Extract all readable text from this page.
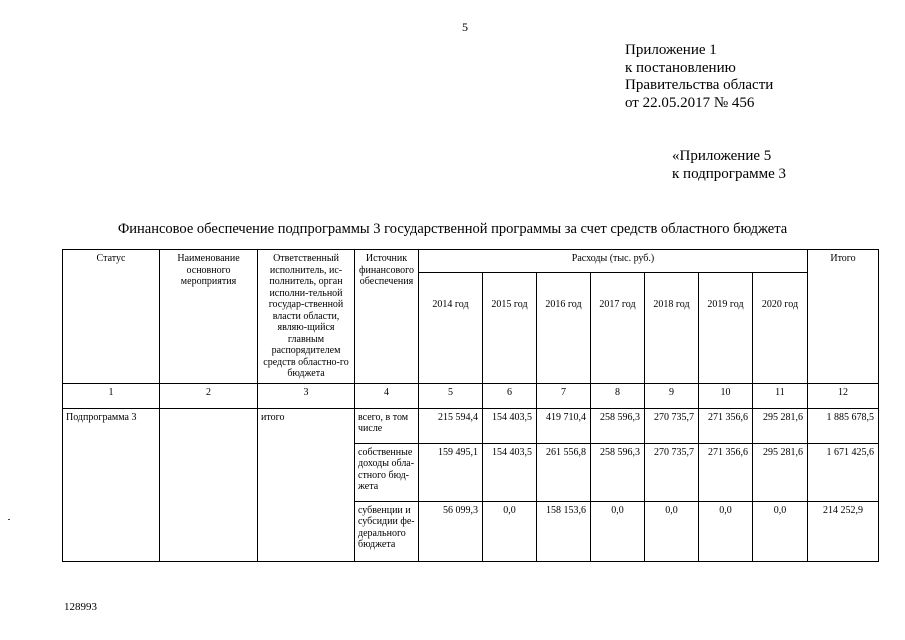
5
Приложение 1
к постановлению
Правительства области
от 22.05.2017 № 456
«Приложение 5
к подпрограмме 3
Финансовое обеспечение подпрограммы 3 государственной программы за счет средств областного бюджета
Статус	Наименование основного мероприятия	Ответственный исполнитель, ис-полнитель, орган исполни-тельной государ-ственной власти области, являю-щийся главным распорядителем средств областно-го бюджета	Источник финансового обеспечения	Расходы (тыс. руб.)							Итого
				2014 год	2015 год	2016 год	2017 год	2018 год	2019 год	2020 год	
1	2	3	4	5	6	7	8	9	10	11	12
Подпрограмма 3		итого	всего, в том числе	215 594,4	154 403,5	419 710,4	258 596,3	270 735,7	271 356,6	295 281,6	1 885 678,5
			собственные доходы обла-стного бюд-жета	159 495,1	154 403,5	261 556,8	258 596,3	270 735,7	271 356,6	295 281,6	1 671 425,6
			субвенции и субсидии фе-дерального бюджета	56 099,3	0,0	158 153,6	0,0	0,0	0,0	0,0	214 252,9
128993
